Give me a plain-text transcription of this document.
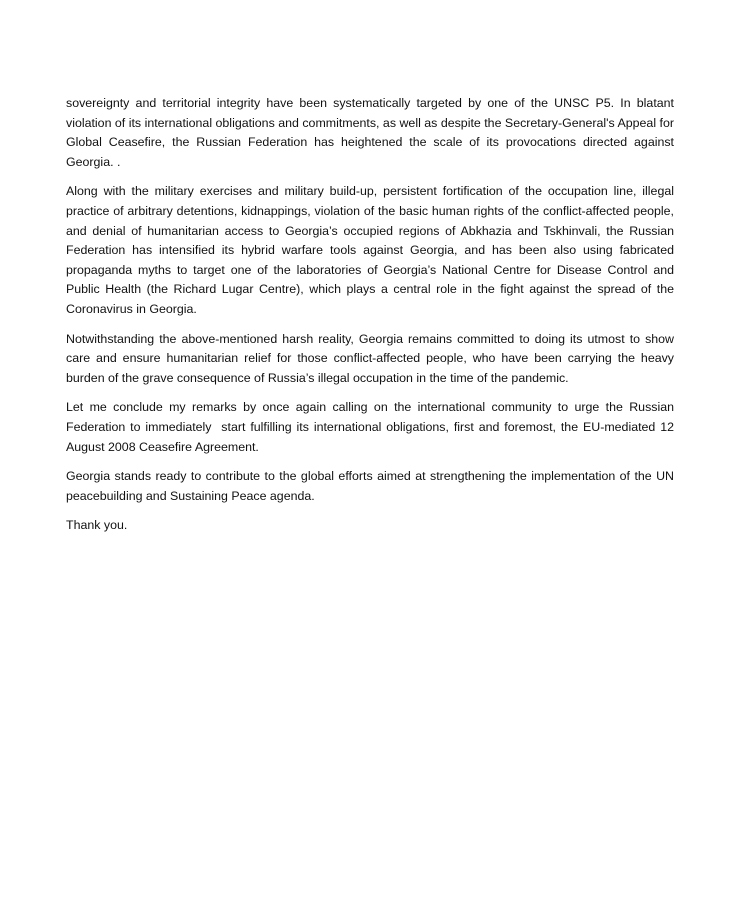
sovereignty and territorial integrity have been systematically targeted by one of the UNSC P5. In blatant violation of its international obligations and commitments, as well as despite the Secretary-General's Appeal for Global Ceasefire, the Russian Federation has heightened the scale of its provocations directed against Georgia. .

Along with the military exercises and military build-up, persistent fortification of the occupation line, illegal practice of arbitrary detentions, kidnappings, violation of the basic human rights of the conflict-affected people, and denial of humanitarian access to Georgia’s occupied regions of Abkhazia and Tskhinvali, the Russian Federation has intensified its hybrid warfare tools against Georgia, and has been also using fabricated propaganda myths to target one of the laboratories of Georgia’s National Centre for Disease Control and Public Health (the Richard Lugar Centre), which plays a central role in the fight against the spread of the Coronavirus in Georgia.

Notwithstanding the above-mentioned harsh reality, Georgia remains committed to doing its utmost to show care and ensure humanitarian relief for those conflict-affected people, who have been carrying the heavy burden of the grave consequence of Russia’s illegal occupation in the time of the pandemic.

Let me conclude my remarks by once again calling on the international community to urge the Russian Federation to immediately  start fulfilling its international obligations, first and foremost, the EU-mediated 12 August 2008 Ceasefire Agreement.

Georgia stands ready to contribute to the global efforts aimed at strengthening the implementation of the UN peacebuilding and Sustaining Peace agenda.

Thank you.
